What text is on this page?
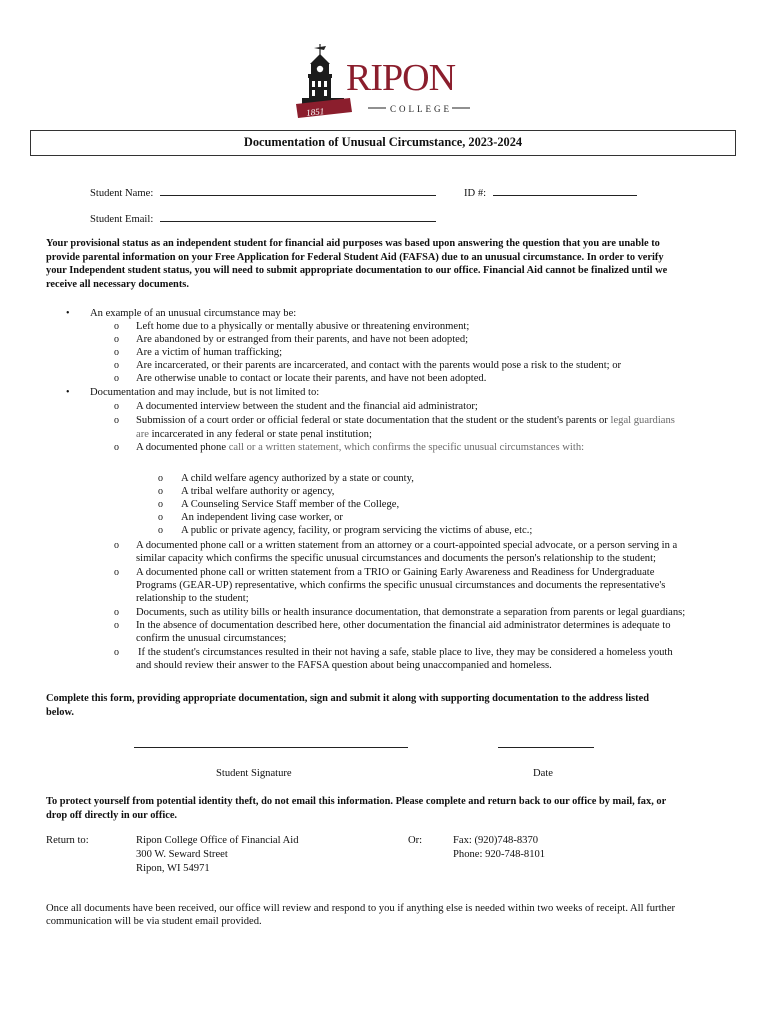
1851
RIPON
COLLEGE
Documentation of Unusual Circumstance, 2023-2024
Student Name:	ID #:
Student Email:
Your provisional status as an independent student for financial aid purposes was based upon answering the question that you are unable to
provide parental information on your Free Application for Federal Student Aid (FAFSA) due to an unusual circumstance. In order to verify
your Independent student status, you will need to submit appropriate documentation to our office. Financial Aid cannot be finalized until we
receive all necessary documents.
• An example of an unusual circumstance may be:
o Left home due to a physically or mentally abusive or threatening environment;
o Are abandoned by or estranged from their parents, and have not been adopted;
o Are a victim of human trafficking;
o Are incarcerated, or their parents are incarcerated, and contact with the parents would pose a risk to the student; or
o Are otherwise unable to contact or locate their parents, and have not been adopted.
• Documentation and may include, but is not limited to:
o A documented interview between the student and the financial aid administrator;
o Submission of a court order or official federal or state documentation that the student or the student's parents or legal guardians
are incarcerated in any federal or state penal institution;
o A documented phone call or a written statement, which confirms the specific unusual circumstances with:
o A child welfare agency authorized by a state or county,
o A tribal welfare authority or agency,
o A Counseling Service Staff member of the College,
o An independent living case worker, or
o A public or private agency, facility, or program servicing the victims of abuse, etc.;
o A documented phone call or a written statement from an attorney or a court-appointed special advocate, or a person serving in a
similar capacity which confirms the specific unusual circumstances and documents the person's relationship to the student;
o A documented phone call or written statement from a TRIO or Gaining Early Awareness and Readiness for Undergraduate
Programs (GEAR-UP) representative, which confirms the specific unusual circumstances and documents the representative's
relationship to the student;
o Documents, such as utility bills or health insurance documentation, that demonstrate a separation from parents or legal guardians;
o In the absence of documentation described here, other documentation the financial aid administrator determines is adequate to
confirm the unusual circumstances;
o If the student's circumstances resulted in their not having a safe, stable place to live, they may be considered a homeless youth
and should review their answer to the FAFSA question about being unaccompanied and homeless.
Complete this form, providing appropriate documentation, sign and submit it along with supporting documentation to the address listed
below.
Student Signature	Date
To protect yourself from potential identity theft, do not email this information. Please complete and return back to our office by mail, fax, or
drop off directly in our office.
Return to:	Ripon College Office of Financial Aid
300 W. Seward Street
Ripon, WI 54971
Or:	Fax: (920)748-8370
Phone: 920-748-8101
Once all documents have been received, our office will review and respond to you if anything else is needed within two weeks of receipt. All further
communication will be via student email provided.
